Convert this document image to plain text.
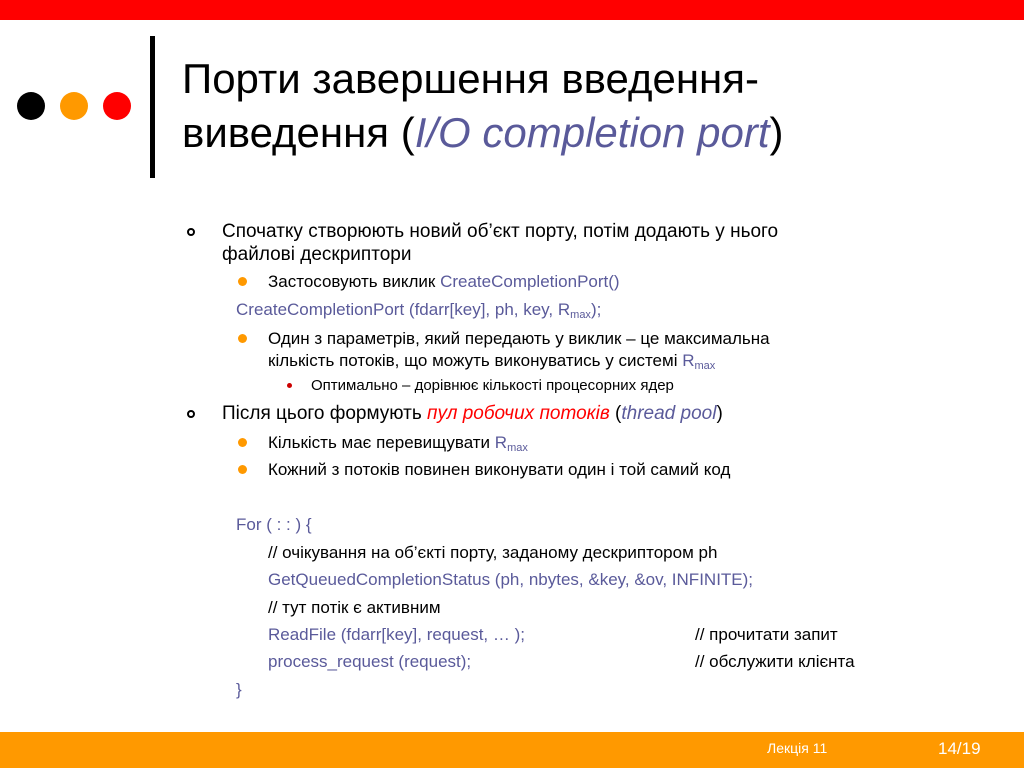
Порти завершення введення-
виведення (I/O completion port)
Спочатку створюють новий об’єкт порту, потім додають у нього
файлові дескриптори
Застосовують виклик CreateCompletionPort()
CreateCompletionPort (fdarr[key], ph, key, $R_{max}$);
Один з параметрів, який передають у виклик – це максимальна
кількість потоків, що можуть виконуватись у системі $R_{max}$
Оптимально – дорівнює кількості процесорних ядер
Після цього формують пул робочих потоків (thread pool)
Кількість має перевищувати $R_{max}$
Кожний з потоків повинен виконувати один і той самий код
For ( : : ) {
// очікування на об’єкті порту, заданому дескриптором ph
GetQueuedCompletionStatus (ph, nbytes, &key, &ov, INFINITE);
// тут потік є активним
ReadFile (fdarr[key], request, … );	// прочитати запит
process_request (request);	// обслужити клієнта
}
Лекція 11	14/19
